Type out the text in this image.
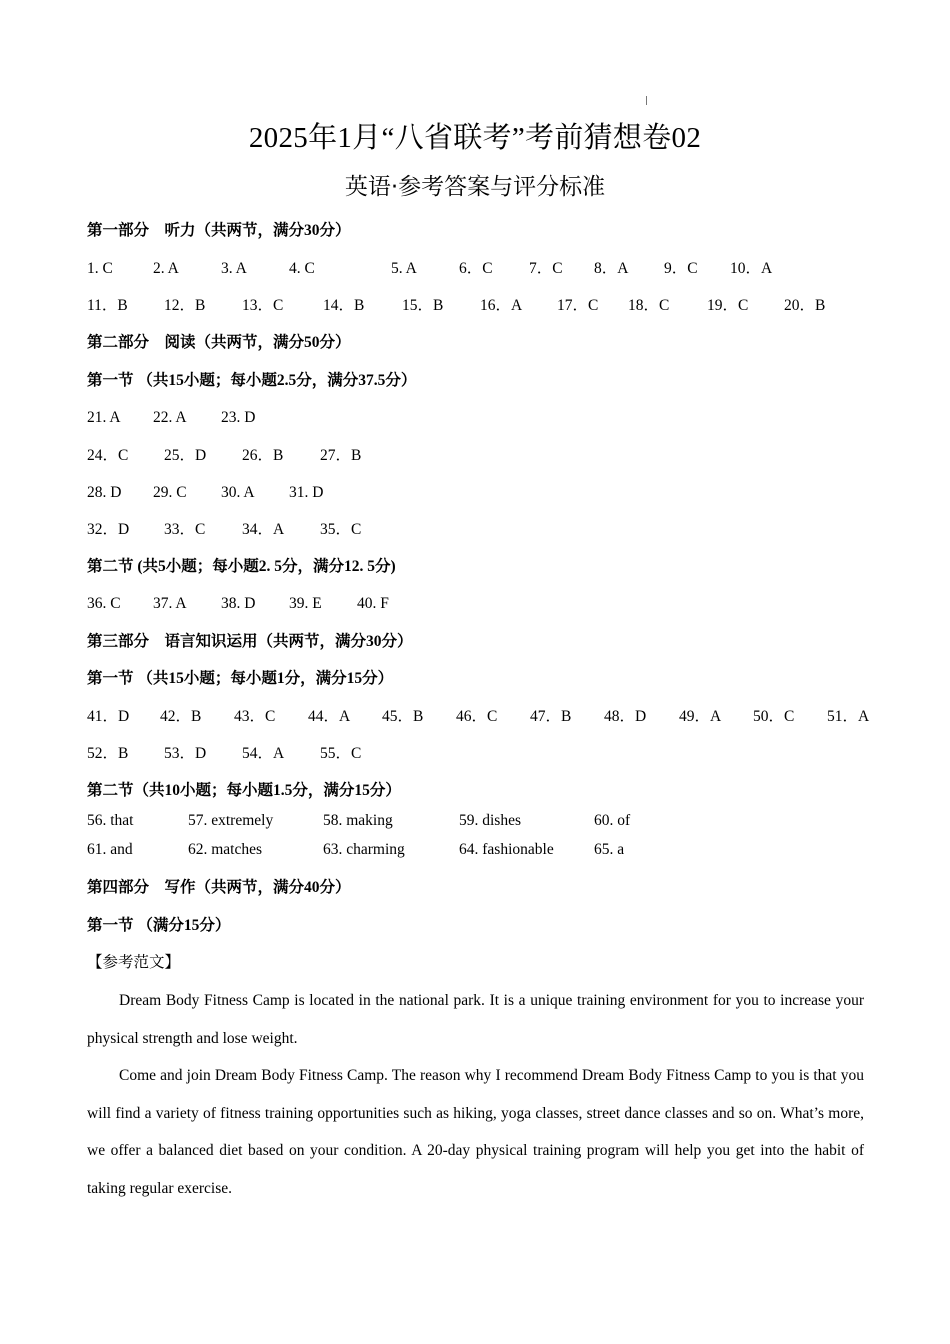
2025年1月“八省联考”考前猜想卷02
英语·参考答案与评分标准
第一部分　听力（共两节，满分30分）
1. C	2. A	3. A	4. C	5. A	6．C 7．C 8．A 9．C 10．A
11．B 12．B 13．C	14．B 15．B 16．A 17．C 18．C 19．C 20．B
第二部分　阅读（共两节，满分50分）
第一节 （共15小题；每小题2.5分，满分37.5分）
21. A 22. A 23. D
24．C 25．D 26．B 27．B
28. D 29. C 30. A 31. D
32．D 33．C 34．A 35．C
第二节 (共5小题；每小题2. 5分，满分12. 5分)
36. C 37. A 38. D 39. E 40. F
第三部分　语言知识运用（共两节，满分30分）
第一节 （共15小题；每小题1分，满分15分）
41．D 42．B 43．C 44．A 45．B 46．C 47．B 48．D 49．A 50．C 51．A
52．B 53．D 54．A 55．C
第二节（共10小题；每小题1.5分，满分15分）
56. that	57. extremely	58. making	59. dishes	60. of
61. and	62. matches	63. charming	64. fashionable	65. a
第四部分　写作（共两节，满分40分）
第一节 （满分15分）
【参考范文】
Dream Body Fitness Camp is located in the national park. It is a unique training environment for you to increase your physical strength and lose weight.
Come and join Dream Body Fitness Camp. The reason why I recommend Dream Body Fitness Camp to you is that you will find a variety of fitness training opportunities such as hiking, yoga classes, street dance classes and so on. What’s more, we offer a balanced diet based on your condition. A 20-day physical training program will help you get into the habit of taking regular exercise.
